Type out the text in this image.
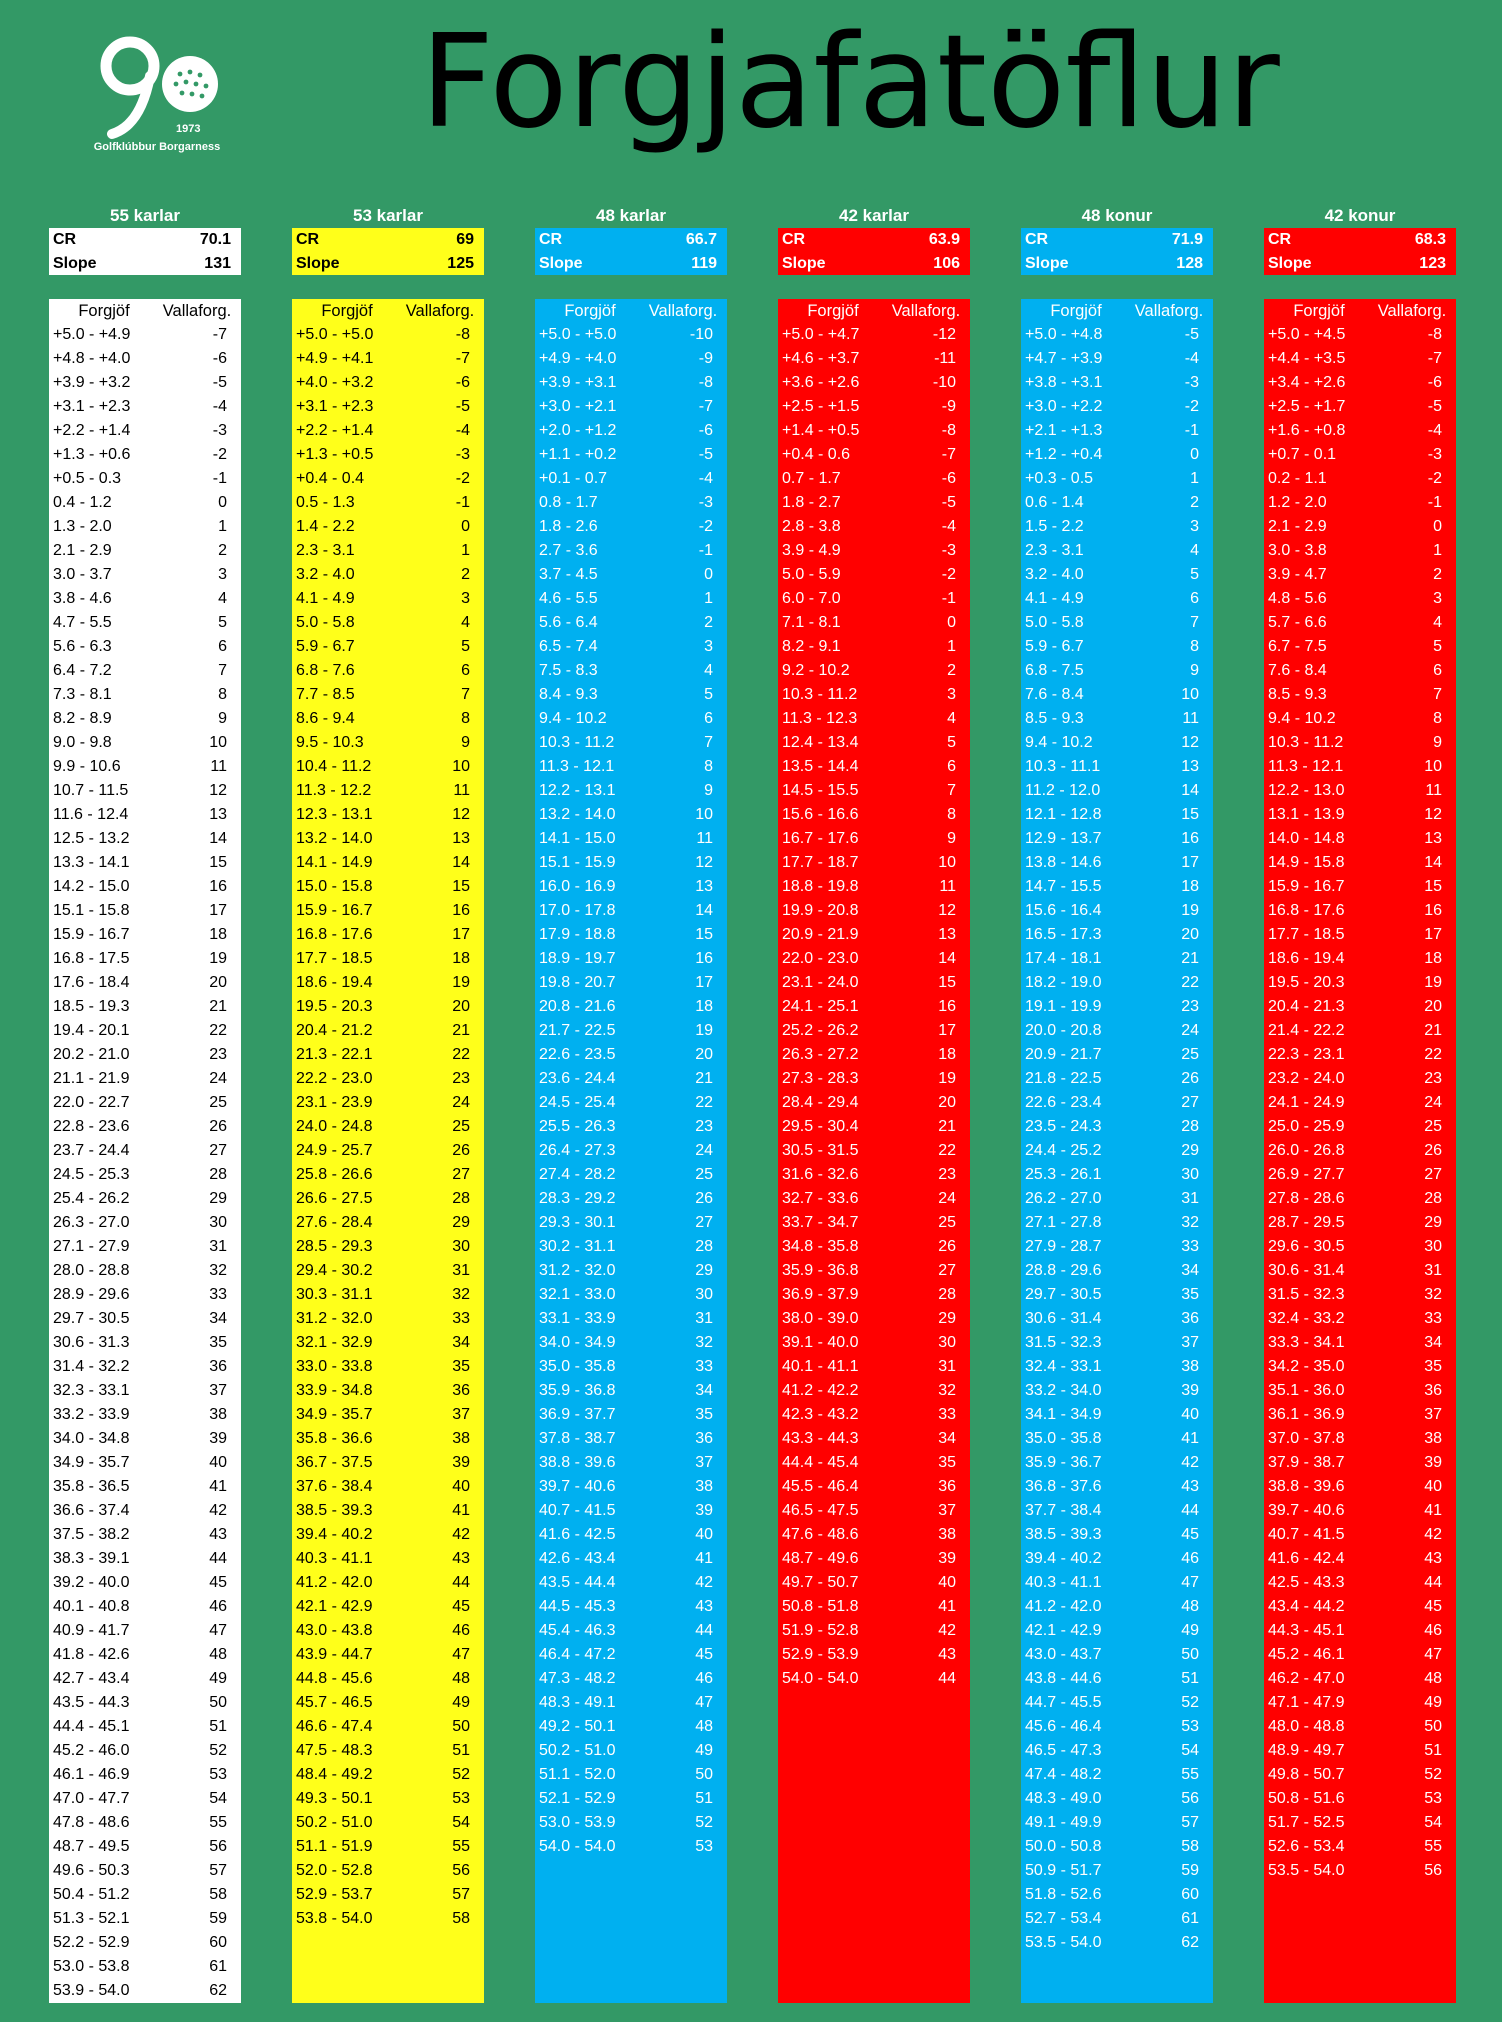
1973
Golfklúbbur Borgarness	Forgjafatöflur
55 karlar
CR	70.1
Slope	131
Forgjöf	Vallaforg.
+5.0 - +4.9	-7
+4.8 - +4.0	-6
+3.9 - +3.2	-5
+3.1 - +2.3	-4
+2.2 - +1.4	-3
+1.3 - +0.6	-2
+0.5 - 0.3	-1
0.4 - 1.2	0
1.3 - 2.0	1
2.1 - 2.9	2
3.0 - 3.7	3
3.8 - 4.6	4
4.7 - 5.5	5
5.6 - 6.3	6
6.4 - 7.2	7
7.3 - 8.1	8
8.2 - 8.9	9
9.0 - 9.8	10
9.9 - 10.6	11
10.7 - 11.5	12
11.6 - 12.4	13
12.5 - 13.2	14
13.3 - 14.1	15
14.2 - 15.0	16
15.1 - 15.8	17
15.9 - 16.7	18
16.8 - 17.5	19
17.6 - 18.4	20
18.5 - 19.3	21
19.4 - 20.1	22
20.2 - 21.0	23
21.1 - 21.9	24
22.0 - 22.7	25
22.8 - 23.6	26
23.7 - 24.4	27
24.5 - 25.3	28
25.4 - 26.2	29
26.3 - 27.0	30
27.1 - 27.9	31
28.0 - 28.8	32
28.9 - 29.6	33
29.7 - 30.5	34
30.6 - 31.3	35
31.4 - 32.2	36
32.3 - 33.1	37
33.2 - 33.9	38
34.0 - 34.8	39
34.9 - 35.7	40
35.8 - 36.5	41
36.6 - 37.4	42
37.5 - 38.2	43
38.3 - 39.1	44
39.2 - 40.0	45
40.1 - 40.8	46
40.9 - 41.7	47
41.8 - 42.6	48
42.7 - 43.4	49
43.5 - 44.3	50
44.4 - 45.1	51
45.2 - 46.0	52
46.1 - 46.9	53
47.0 - 47.7	54
47.8 - 48.6	55
48.7 - 49.5	56
49.6 - 50.3	57
50.4 - 51.2	58
51.3 - 52.1	59
52.2 - 52.9	60
53.0 - 53.8	61
53.9 - 54.0	62
53 karlar
CR	69
Slope	125
Forgjöf	Vallaforg.
+5.0 - +5.0	-8
+4.9 - +4.1	-7
+4.0 - +3.2	-6
+3.1 - +2.3	-5
+2.2 - +1.4	-4
+1.3 - +0.5	-3
+0.4 - 0.4	-2
0.5 - 1.3	-1
1.4 - 2.2	0
2.3 - 3.1	1
3.2 - 4.0	2
4.1 - 4.9	3
5.0 - 5.8	4
5.9 - 6.7	5
6.8 - 7.6	6
7.7 - 8.5	7
8.6 - 9.4	8
9.5 - 10.3	9
10.4 - 11.2	10
11.3 - 12.2	11
12.3 - 13.1	12
13.2 - 14.0	13
14.1 - 14.9	14
15.0 - 15.8	15
15.9 - 16.7	16
16.8 - 17.6	17
17.7 - 18.5	18
18.6 - 19.4	19
19.5 - 20.3	20
20.4 - 21.2	21
21.3 - 22.1	22
22.2 - 23.0	23
23.1 - 23.9	24
24.0 - 24.8	25
24.9 - 25.7	26
25.8 - 26.6	27
26.6 - 27.5	28
27.6 - 28.4	29
28.5 - 29.3	30
29.4 - 30.2	31
30.3 - 31.1	32
31.2 - 32.0	33
32.1 - 32.9	34
33.0 - 33.8	35
33.9 - 34.8	36
34.9 - 35.7	37
35.8 - 36.6	38
36.7 - 37.5	39
37.6 - 38.4	40
38.5 - 39.3	41
39.4 - 40.2	42
40.3 - 41.1	43
41.2 - 42.0	44
42.1 - 42.9	45
43.0 - 43.8	46
43.9 - 44.7	47
44.8 - 45.6	48
45.7 - 46.5	49
46.6 - 47.4	50
47.5 - 48.3	51
48.4 - 49.2	52
49.3 - 50.1	53
50.2 - 51.0	54
51.1 - 51.9	55
52.0 - 52.8	56
52.9 - 53.7	57
53.8 - 54.0	58
48 karlar
CR	66.7
Slope	119
Forgjöf	Vallaforg.
+5.0 - +5.0	-10
+4.9 - +4.0	-9
+3.9 - +3.1	-8
+3.0 - +2.1	-7
+2.0 - +1.2	-6
+1.1 - +0.2	-5
+0.1 - 0.7	-4
0.8 - 1.7	-3
1.8 - 2.6	-2
2.7 - 3.6	-1
3.7 - 4.5	0
4.6 - 5.5	1
5.6 - 6.4	2
6.5 - 7.4	3
7.5 - 8.3	4
8.4 - 9.3	5
9.4 - 10.2	6
10.3 - 11.2	7
11.3 - 12.1	8
12.2 - 13.1	9
13.2 - 14.0	10
14.1 - 15.0	11
15.1 - 15.9	12
16.0 - 16.9	13
17.0 - 17.8	14
17.9 - 18.8	15
18.9 - 19.7	16
19.8 - 20.7	17
20.8 - 21.6	18
21.7 - 22.5	19
22.6 - 23.5	20
23.6 - 24.4	21
24.5 - 25.4	22
25.5 - 26.3	23
26.4 - 27.3	24
27.4 - 28.2	25
28.3 - 29.2	26
29.3 - 30.1	27
30.2 - 31.1	28
31.2 - 32.0	29
32.1 - 33.0	30
33.1 - 33.9	31
34.0 - 34.9	32
35.0 - 35.8	33
35.9 - 36.8	34
36.9 - 37.7	35
37.8 - 38.7	36
38.8 - 39.6	37
39.7 - 40.6	38
40.7 - 41.5	39
41.6 - 42.5	40
42.6 - 43.4	41
43.5 - 44.4	42
44.5 - 45.3	43
45.4 - 46.3	44
46.4 - 47.2	45
47.3 - 48.2	46
48.3 - 49.1	47
49.2 - 50.1	48
50.2 - 51.0	49
51.1 - 52.0	50
52.1 - 52.9	51
53.0 - 53.9	52
54.0 - 54.0	53
42 karlar
CR	63.9
Slope	106
Forgjöf	Vallaforg.
+5.0 - +4.7	-12
+4.6 - +3.7	-11
+3.6 - +2.6	-10
+2.5 - +1.5	-9
+1.4 - +0.5	-8
+0.4 - 0.6	-7
0.7 - 1.7	-6
1.8 - 2.7	-5
2.8 - 3.8	-4
3.9 - 4.9	-3
5.0 - 5.9	-2
6.0 - 7.0	-1
7.1 - 8.1	0
8.2 - 9.1	1
9.2 - 10.2	2
10.3 - 11.2	3
11.3 - 12.3	4
12.4 - 13.4	5
13.5 - 14.4	6
14.5 - 15.5	7
15.6 - 16.6	8
16.7 - 17.6	9
17.7 - 18.7	10
18.8 - 19.8	11
19.9 - 20.8	12
20.9 - 21.9	13
22.0 - 23.0	14
23.1 - 24.0	15
24.1 - 25.1	16
25.2 - 26.2	17
26.3 - 27.2	18
27.3 - 28.3	19
28.4 - 29.4	20
29.5 - 30.4	21
30.5 - 31.5	22
31.6 - 32.6	23
32.7 - 33.6	24
33.7 - 34.7	25
34.8 - 35.8	26
35.9 - 36.8	27
36.9 - 37.9	28
38.0 - 39.0	29
39.1 - 40.0	30
40.1 - 41.1	31
41.2 - 42.2	32
42.3 - 43.2	33
43.3 - 44.3	34
44.4 - 45.4	35
45.5 - 46.4	36
46.5 - 47.5	37
47.6 - 48.6	38
48.7 - 49.6	39
49.7 - 50.7	40
50.8 - 51.8	41
51.9 - 52.8	42
52.9 - 53.9	43
54.0 - 54.0	44
48 konur
CR	71.9
Slope	128
Forgjöf	Vallaforg.
+5.0 - +4.8	-5
+4.7 - +3.9	-4
+3.8 - +3.1	-3
+3.0 - +2.2	-2
+2.1 - +1.3	-1
+1.2 - +0.4	0
+0.3 - 0.5	1
0.6 - 1.4	2
1.5 - 2.2	3
2.3 - 3.1	4
3.2 - 4.0	5
4.1 - 4.9	6
5.0 - 5.8	7
5.9 - 6.7	8
6.8 - 7.5	9
7.6 - 8.4	10
8.5 - 9.3	11
9.4 - 10.2	12
10.3 - 11.1	13
11.2 - 12.0	14
12.1 - 12.8	15
12.9 - 13.7	16
13.8 - 14.6	17
14.7 - 15.5	18
15.6 - 16.4	19
16.5 - 17.3	20
17.4 - 18.1	21
18.2 - 19.0	22
19.1 - 19.9	23
20.0 - 20.8	24
20.9 - 21.7	25
21.8 - 22.5	26
22.6 - 23.4	27
23.5 - 24.3	28
24.4 - 25.2	29
25.3 - 26.1	30
26.2 - 27.0	31
27.1 - 27.8	32
27.9 - 28.7	33
28.8 - 29.6	34
29.7 - 30.5	35
30.6 - 31.4	36
31.5 - 32.3	37
32.4 - 33.1	38
33.2 - 34.0	39
34.1 - 34.9	40
35.0 - 35.8	41
35.9 - 36.7	42
36.8 - 37.6	43
37.7 - 38.4	44
38.5 - 39.3	45
39.4 - 40.2	46
40.3 - 41.1	47
41.2 - 42.0	48
42.1 - 42.9	49
43.0 - 43.7	50
43.8 - 44.6	51
44.7 - 45.5	52
45.6 - 46.4	53
46.5 - 47.3	54
47.4 - 48.2	55
48.3 - 49.0	56
49.1 - 49.9	57
50.0 - 50.8	58
50.9 - 51.7	59
51.8 - 52.6	60
52.7 - 53.4	61
53.5 - 54.0	62
42 konur
CR	68.3
Slope	123
Forgjöf	Vallaforg.
+5.0 - +4.5	-8
+4.4 - +3.5	-7
+3.4 - +2.6	-6
+2.5 - +1.7	-5
+1.6 - +0.8	-4
+0.7 - 0.1	-3
0.2 - 1.1	-2
1.2 - 2.0	-1
2.1 - 2.9	0
3.0 - 3.8	1
3.9 - 4.7	2
4.8 - 5.6	3
5.7 - 6.6	4
6.7 - 7.5	5
7.6 - 8.4	6
8.5 - 9.3	7
9.4 - 10.2	8
10.3 - 11.2	9
11.3 - 12.1	10
12.2 - 13.0	11
13.1 - 13.9	12
14.0 - 14.8	13
14.9 - 15.8	14
15.9 - 16.7	15
16.8 - 17.6	16
17.7 - 18.5	17
18.6 - 19.4	18
19.5 - 20.3	19
20.4 - 21.3	20
21.4 - 22.2	21
22.3 - 23.1	22
23.2 - 24.0	23
24.1 - 24.9	24
25.0 - 25.9	25
26.0 - 26.8	26
26.9 - 27.7	27
27.8 - 28.6	28
28.7 - 29.5	29
29.6 - 30.5	30
30.6 - 31.4	31
31.5 - 32.3	32
32.4 - 33.2	33
33.3 - 34.1	34
34.2 - 35.0	35
35.1 - 36.0	36
36.1 - 36.9	37
37.0 - 37.8	38
37.9 - 38.7	39
38.8 - 39.6	40
39.7 - 40.6	41
40.7 - 41.5	42
41.6 - 42.4	43
42.5 - 43.3	44
43.4 - 44.2	45
44.3 - 45.1	46
45.2 - 46.1	47
46.2 - 47.0	48
47.1 - 47.9	49
48.0 - 48.8	50
48.9 - 49.7	51
49.8 - 50.7	52
50.8 - 51.6	53
51.7 - 52.5	54
52.6 - 53.4	55
53.5 - 54.0	56
